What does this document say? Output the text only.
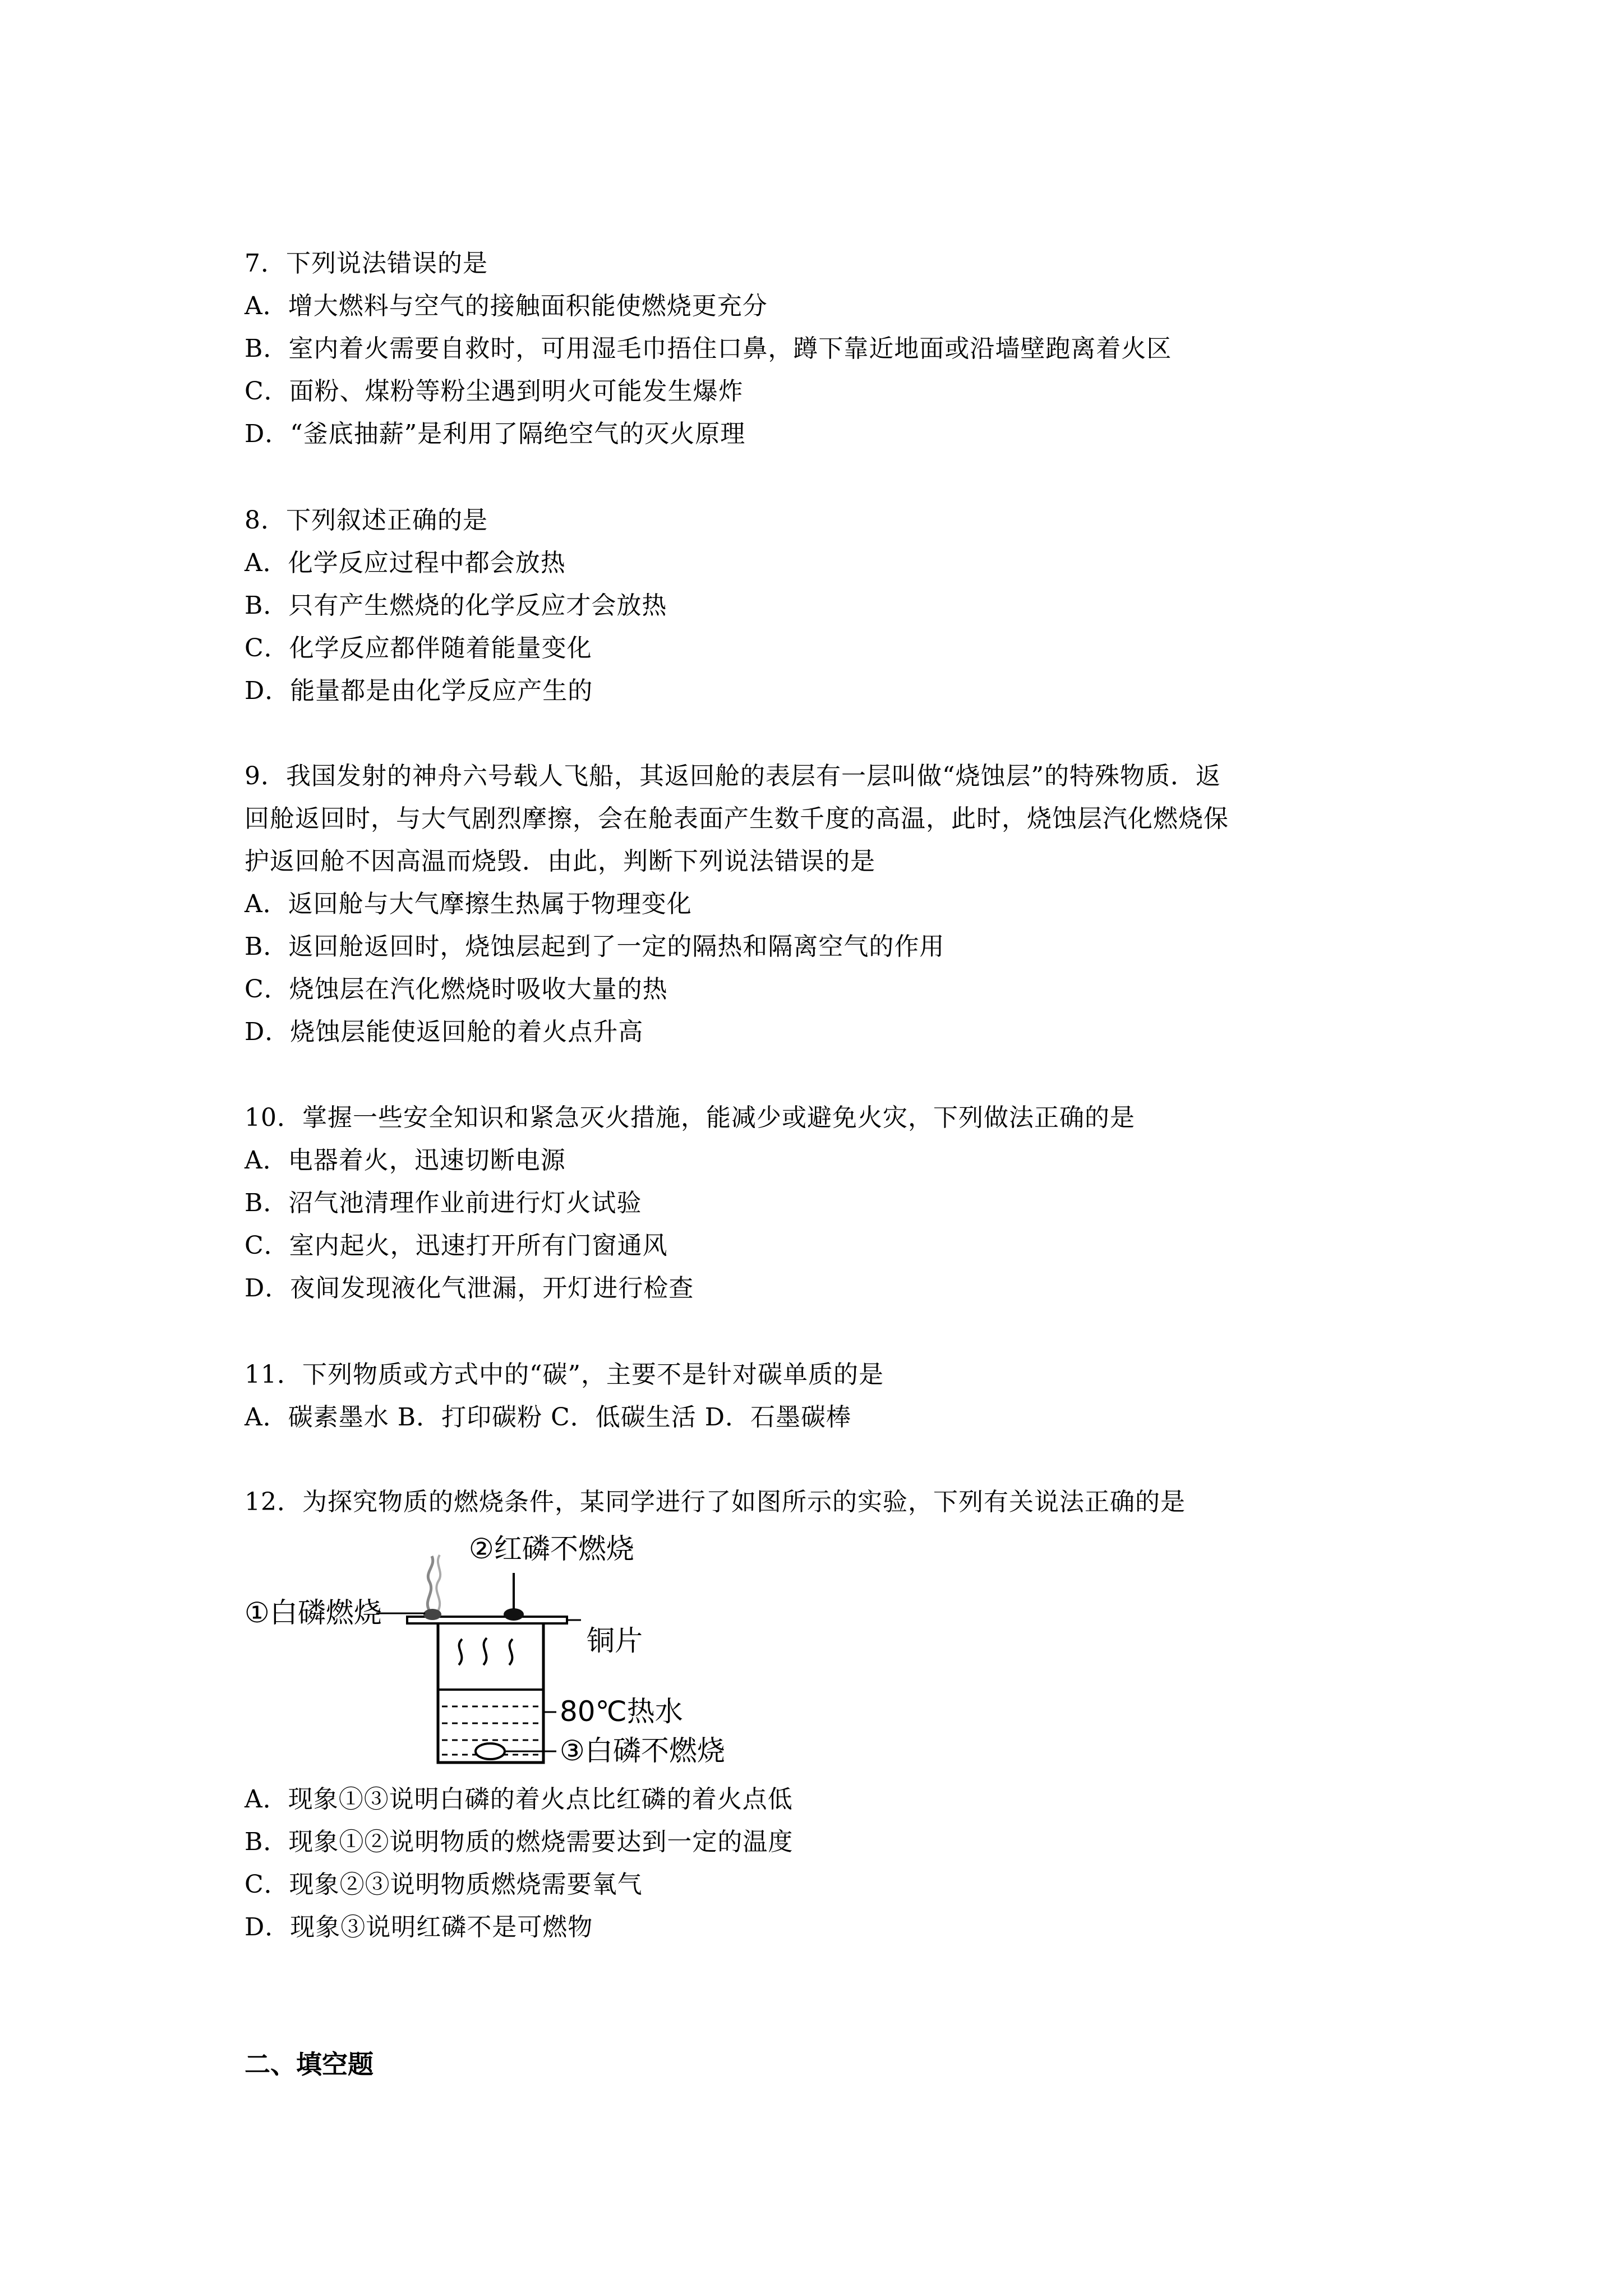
7．下列说法错误的是
A．增大燃料与空气的接触面积能使燃烧更充分
B．室内着火需要自救时，可用湿毛巾捂住口鼻，蹲下靠近地面或沿墙壁跑离着火区
C．面粉、煤粉等粉尘遇到明火可能发生爆炸
D．“釜底抽薪”是利用了隔绝空气的灭火原理
8．下列叙述正确的是
A．化学反应过程中都会放热
B．只有产生燃烧的化学反应才会放热
C．化学反应都伴随着能量变化
D．能量都是由化学反应产生的
9．我国发射的神舟六号载人飞船，其返回舱的表层有一层叫做“烧蚀层”的特殊物质．返
回舱返回时，与大气剧烈摩擦，会在舱表面产生数千度的高温，此时，烧蚀层汽化燃烧保
护返回舱不因高温而烧毁．由此，判断下列说法错误的是
A．返回舱与大气摩擦生热属于物理变化
B．返回舱返回时，烧蚀层起到了一定的隔热和隔离空气的作用
C．烧蚀层在汽化燃烧时吸收大量的热
D．烧蚀层能使返回舱的着火点升高
10．掌握一些安全知识和紧急灭火措施，能减少或避免火灾，下列做法正确的是
A．电器着火，迅速切断电源
B．沼气池清理作业前进行灯火试验
C．室内起火，迅速打开所有门窗通风
D．夜间发现液化气泄漏，开灯进行检查
11．下列物质或方式中的“碳”，主要不是针对碳单质的是
A．碳素墨水 B．打印碳粉 C．低碳生活 D．石墨碳棒
12．为探究物质的燃烧条件，某同学进行了如图所示的实验，下列有关说法正确的是
①白磷燃烧
②红磷不燃烧
铜片
80℃热水
③白磷不燃烧
A．现象①③说明白磷的着火点比红磷的着火点低
B．现象①②说明物质的燃烧需要达到一定的温度
C．现象②③说明物质燃烧需要氧气
D．现象③说明红磷不是可燃物
二、填空题
